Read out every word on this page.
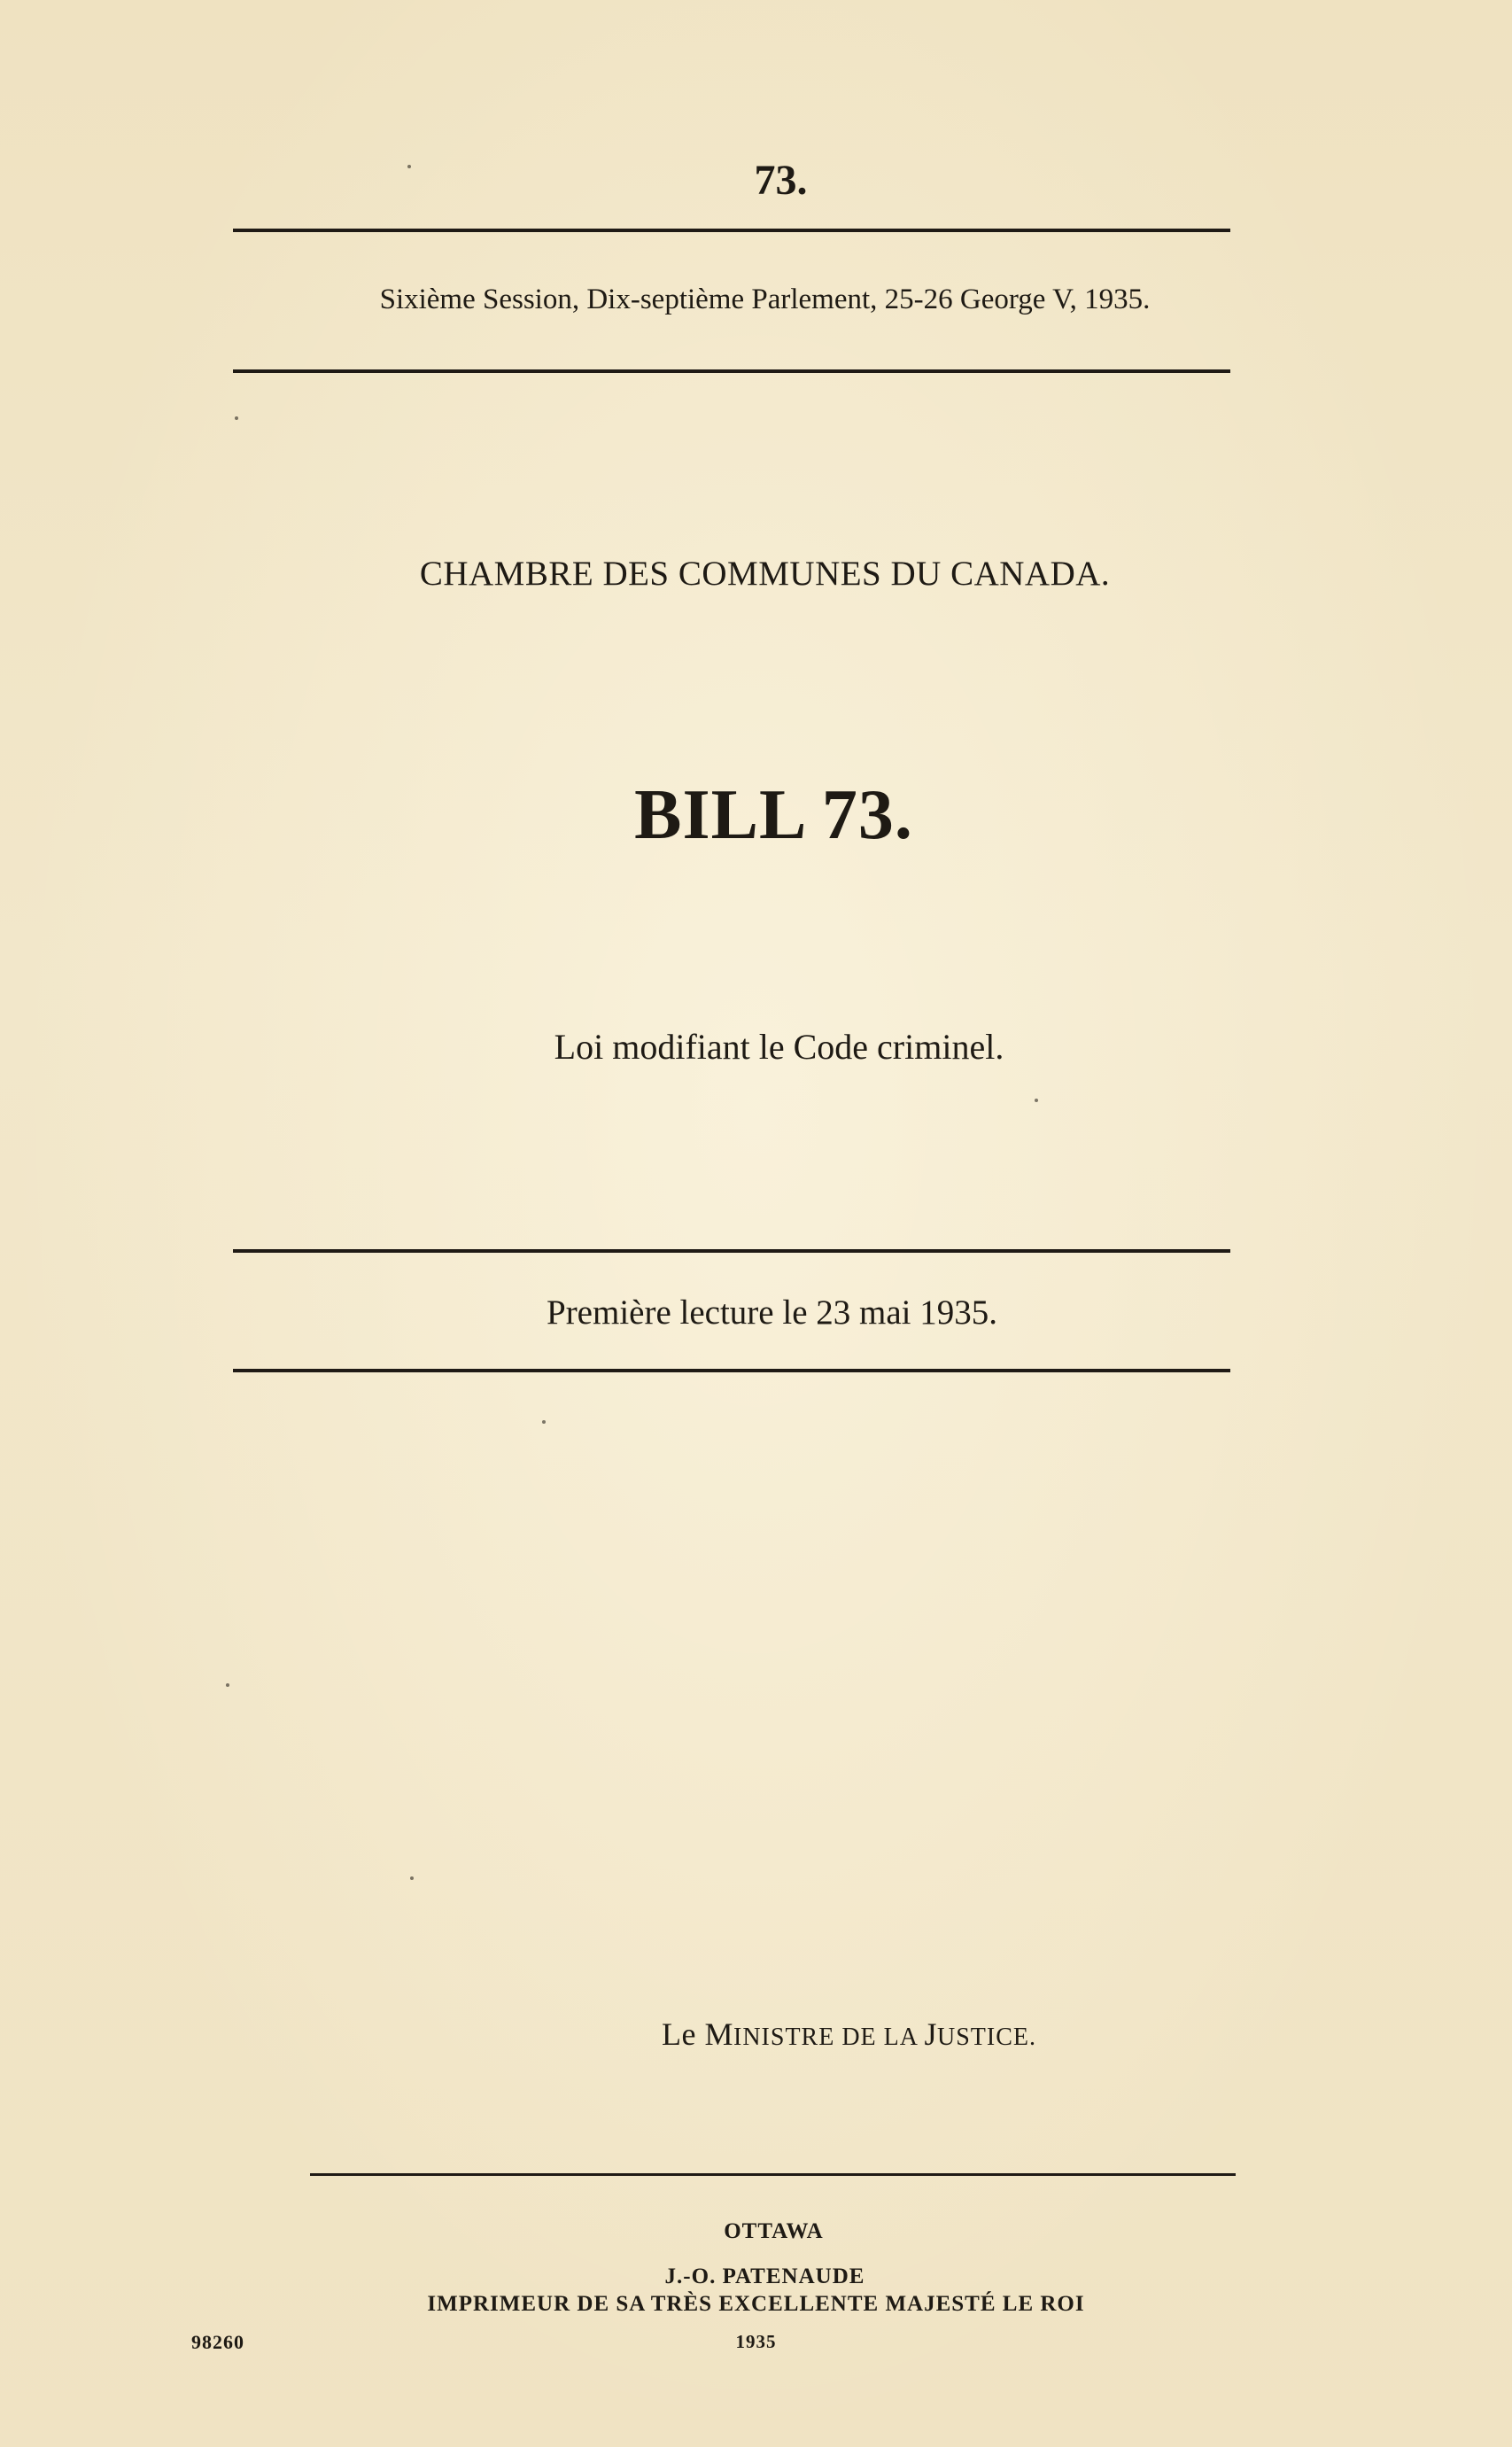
73.
Sixième Session, Dix-septième Parlement, 25-26 George V, 1935.
CHAMBRE DES COMMUNES DU CANADA.
BILL 73.
Loi modifiant le Code criminel.
Première lecture le 23 mai 1935.
Le MINISTRE DE LA JUSTICE.
OTTAWA
J.-O. PATENAUDE
IMPRIMEUR DE SA TRÈS EXCELLENTE MAJESTÉ LE ROI
1935
98260
